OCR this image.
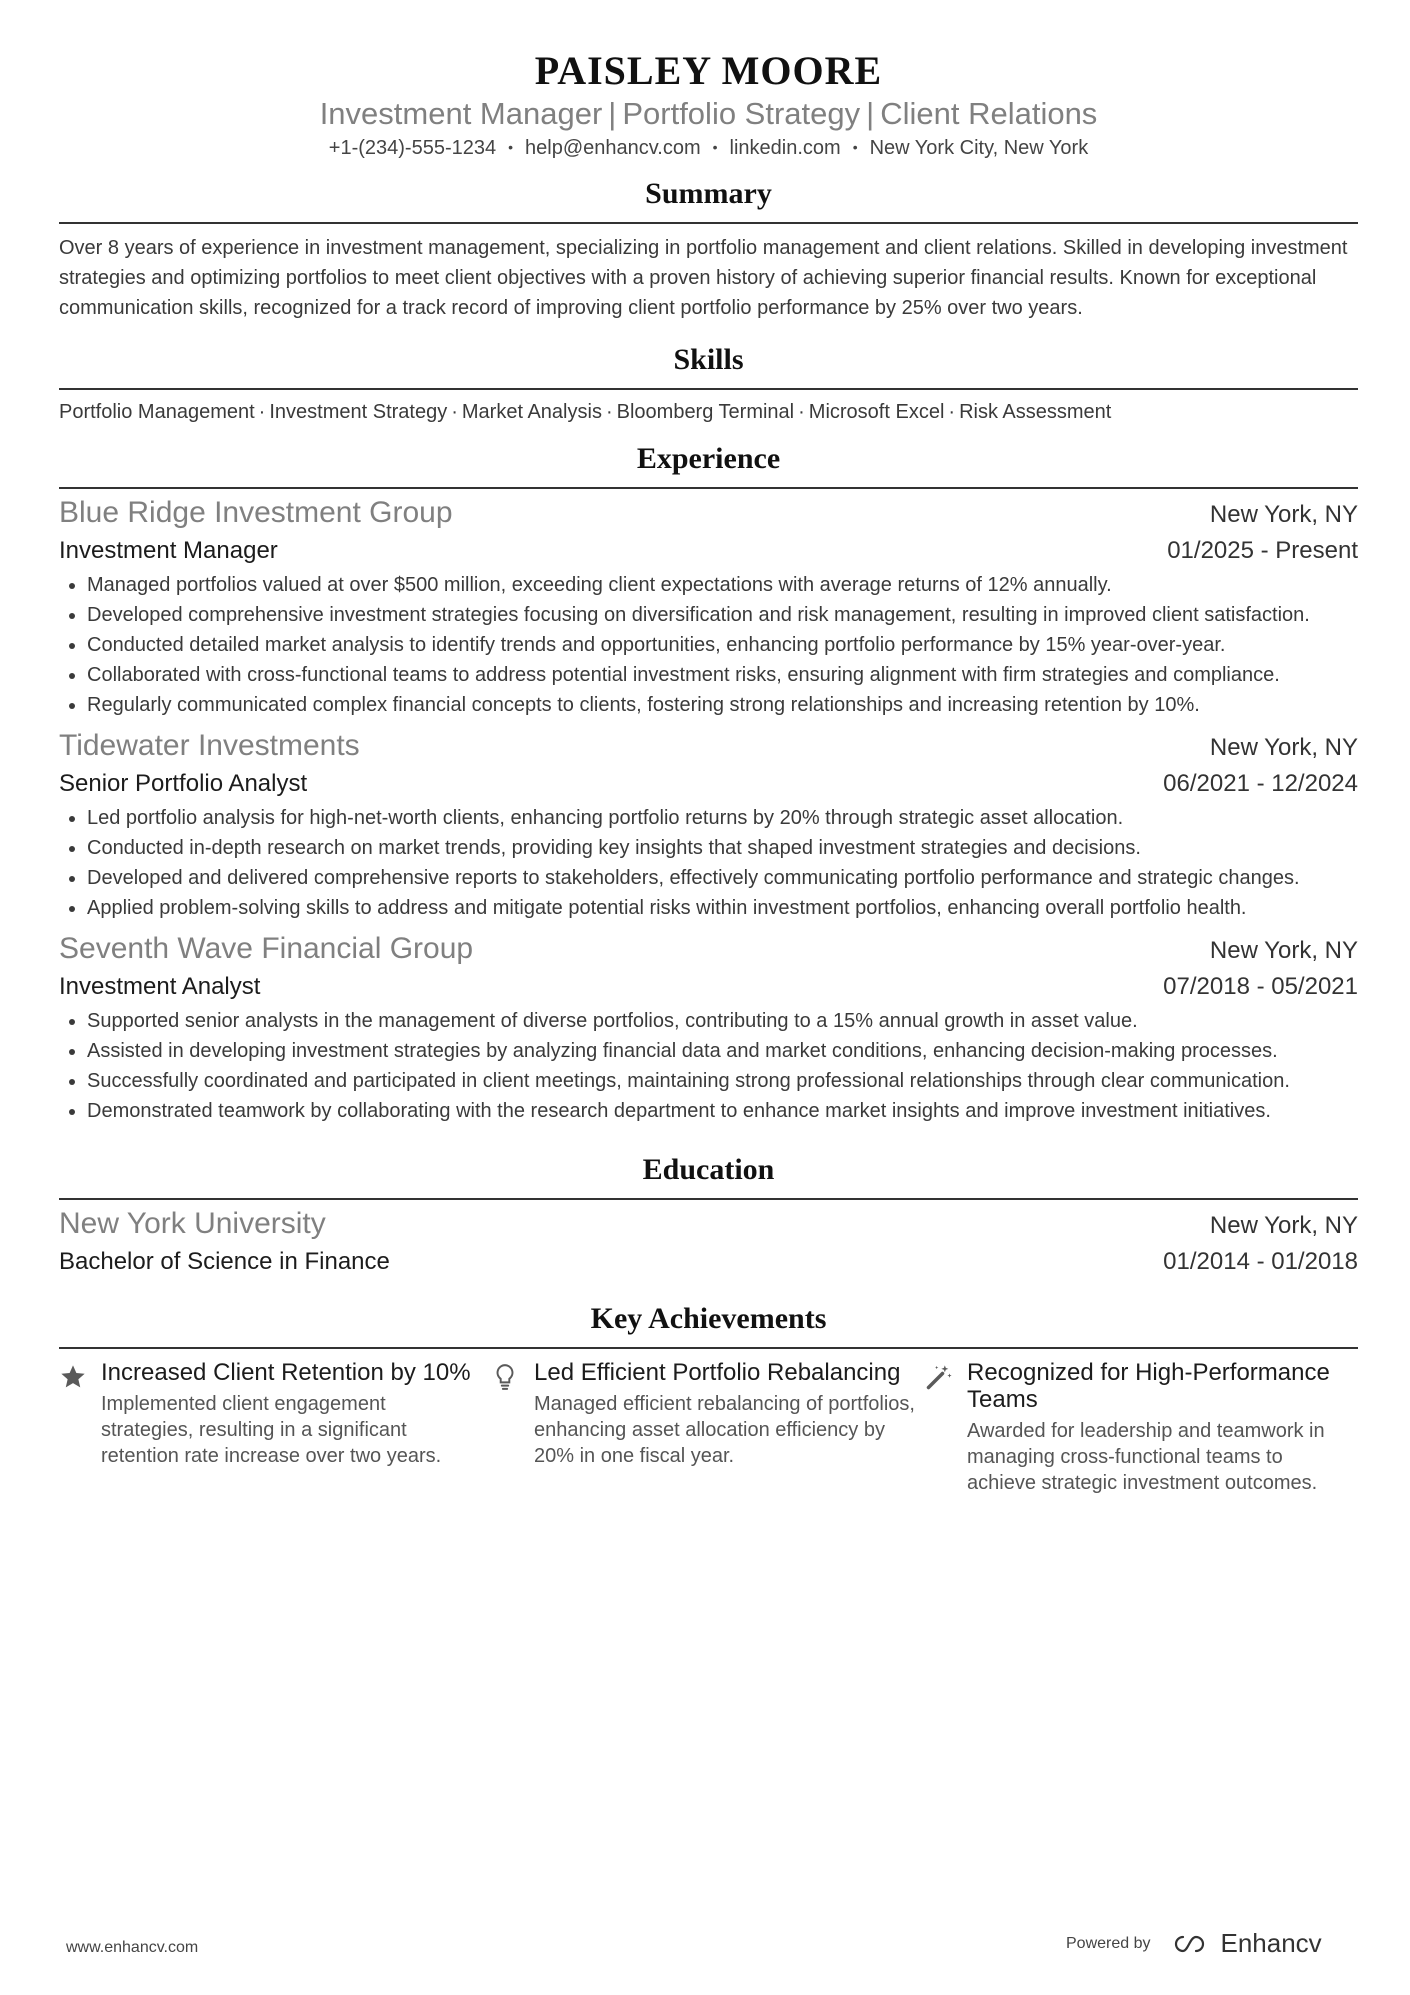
PAISLEY MOORE
Investment Manager | Portfolio Strategy | Client Relations
+1-(234)-555-1234 • help@enhancv.com • linkedin.com • New York City, New York
Summary
Over 8 years of experience in investment management, specializing in portfolio management and client relations. Skilled in developing investment strategies and optimizing portfolios to meet client objectives with a proven history of achieving superior financial results. Known for exceptional communication skills, recognized for a track record of improving client portfolio performance by 25% over two years.
Skills
Portfolio Management · Investment Strategy · Market Analysis · Bloomberg Terminal · Microsoft Excel · Risk Assessment
Experience
Blue Ridge Investment Group	New York, NY
Investment Manager	01/2025 - Present
• Managed portfolios valued at over $500 million, exceeding client expectations with average returns of 12% annually.
• Developed comprehensive investment strategies focusing on diversification and risk management, resulting in improved client satisfaction.
• Conducted detailed market analysis to identify trends and opportunities, enhancing portfolio performance by 15% year-over-year.
• Collaborated with cross-functional teams to address potential investment risks, ensuring alignment with firm strategies and compliance.
• Regularly communicated complex financial concepts to clients, fostering strong relationships and increasing retention by 10%.
Tidewater Investments	New York, NY
Senior Portfolio Analyst	06/2021 - 12/2024
• Led portfolio analysis for high-net-worth clients, enhancing portfolio returns by 20% through strategic asset allocation.
• Conducted in-depth research on market trends, providing key insights that shaped investment strategies and decisions.
• Developed and delivered comprehensive reports to stakeholders, effectively communicating portfolio performance and strategic changes.
• Applied problem-solving skills to address and mitigate potential risks within investment portfolios, enhancing overall portfolio health.
Seventh Wave Financial Group	New York, NY
Investment Analyst	07/2018 - 05/2021
• Supported senior analysts in the management of diverse portfolios, contributing to a 15% annual growth in asset value.
• Assisted in developing investment strategies by analyzing financial data and market conditions, enhancing decision-making processes.
• Successfully coordinated and participated in client meetings, maintaining strong professional relationships through clear communication.
• Demonstrated teamwork by collaborating with the research department to enhance market insights and improve investment initiatives.
Education
New York University	New York, NY
Bachelor of Science in Finance	01/2014 - 01/2018
Key Achievements
Increased Client Retention by 10%
Implemented client engagement strategies, resulting in a significant retention rate increase over two years.
Led Efficient Portfolio Rebalancing
Managed efficient rebalancing of portfolios, enhancing asset allocation efficiency by 20% in one fiscal year.
Recognized for High-Performance Teams
Awarded for leadership and teamwork in managing cross-functional teams to achieve strategic investment outcomes.
www.enhancv.com	Powered by	Enhancv
